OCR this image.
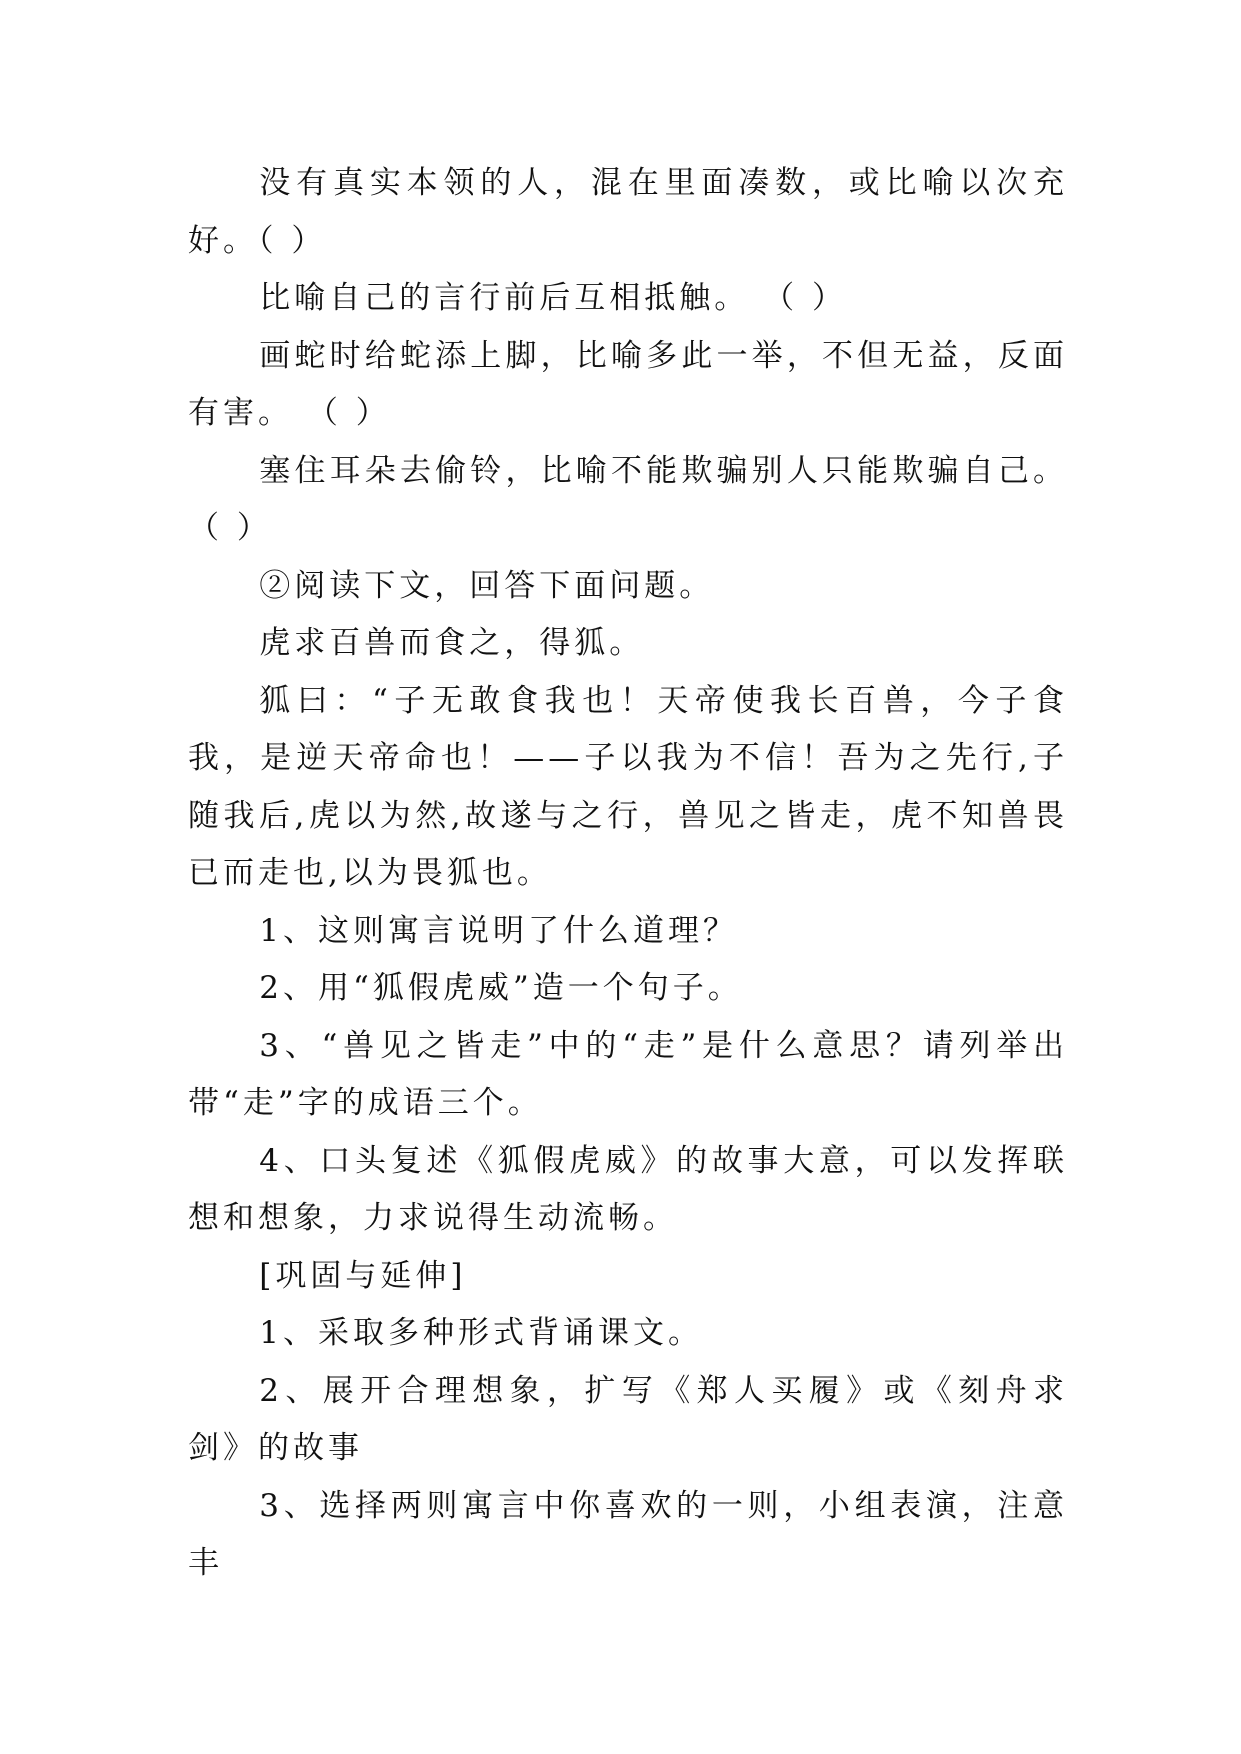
没有真实本领的人，混在里面凑数，或比喻以次充好。（ ）

比喻自己的言行前后互相抵触。 （ ）

画蛇时给蛇添上脚，比喻多此一举，不但无益，反面有害。 （ ）

塞住耳朵去偷铃，比喻不能欺骗别人只能欺骗自己。（ ）

②阅读下文，回答下面问题。

虎求百兽而食之，得狐。

狐曰：“子无敢食我也！天帝使我长百兽，今子食我，是逆天帝命也！——子以我为不信！吾为之先行,子随我后,虎以为然,故遂与之行，兽见之皆走，虎不知兽畏已而走也,以为畏狐也。

1、这则寓言说明了什么道理？

2、用“狐假虎威”造一个句子。

3、“兽见之皆走”中的“走”是什么意思？请列举出带“走”字的成语三个。

4、口头复述《狐假虎威》的故事大意，可以发挥联想和想象，力求说得生动流畅。

[巩固与延伸]

1、采取多种形式背诵课文。

2、展开合理想象，扩写《郑人买履》或《刻舟求剑》的故事

3、选择两则寓言中你喜欢的一则，小组表演，注意丰
